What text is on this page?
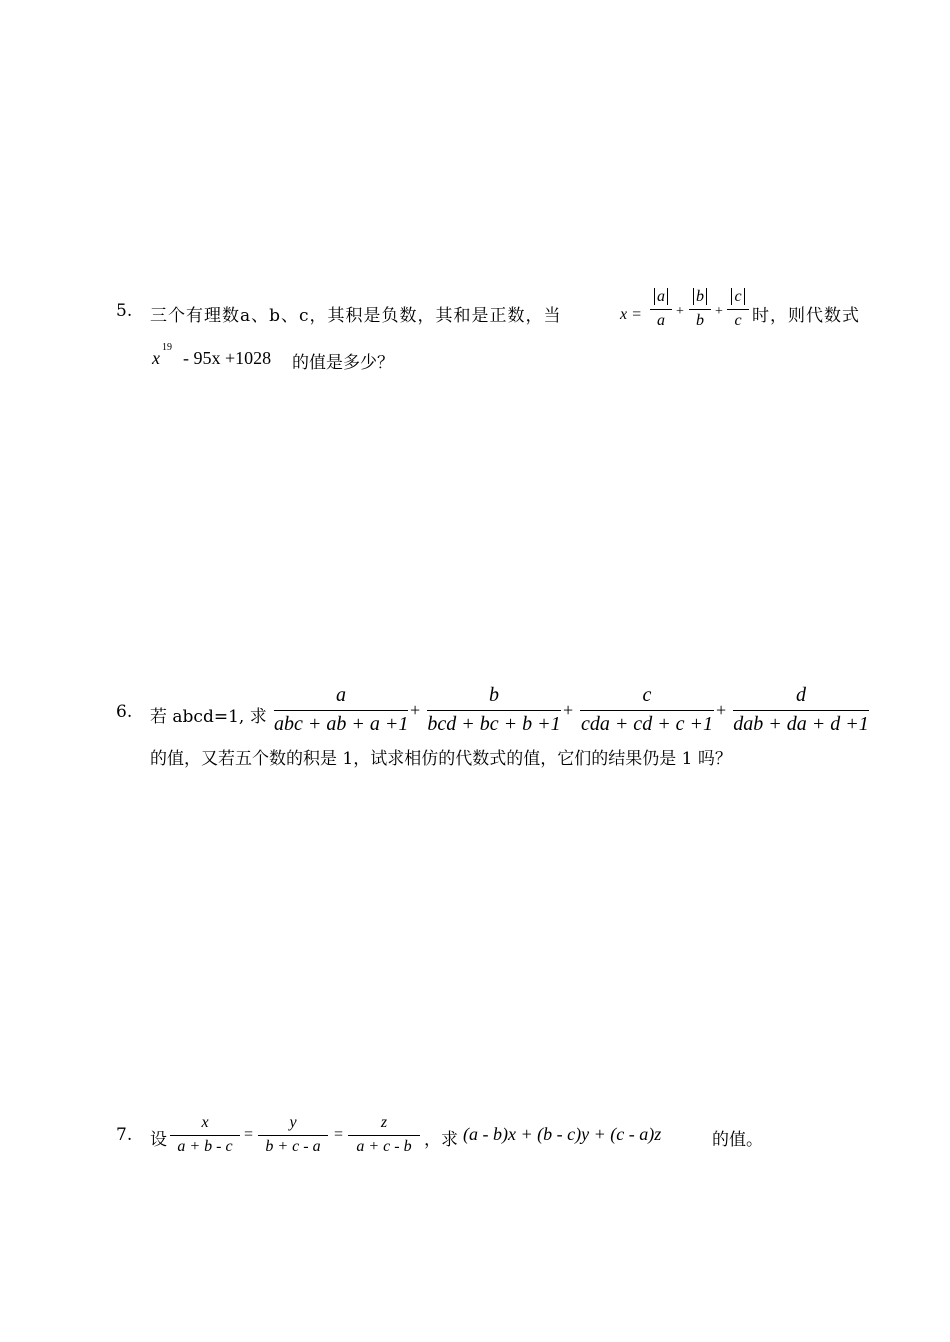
5. 三个有理数a、b、c，其积是负数，其和是正数，当	x =
a
a
+
b
b
+
c
c 时，则代数式
x
$^{19}$
- 95x +1028 的值是多少？
6. 若 abcd=1, 求
a
abc + ab + a +1
+
b
bcd + bc + b +1
+
c
cda + cd + c +1
+
d
dab + da + d +1
的值，又若五个数的积是 1，试求相仿的代数式的值，它们的结果仍是 1 吗？
7. 设
x
a + b - c
=
y
b + c - a
=
z
a + c - b ，求 (a - b)x + (b - c)y + (c - a)z	的值。
